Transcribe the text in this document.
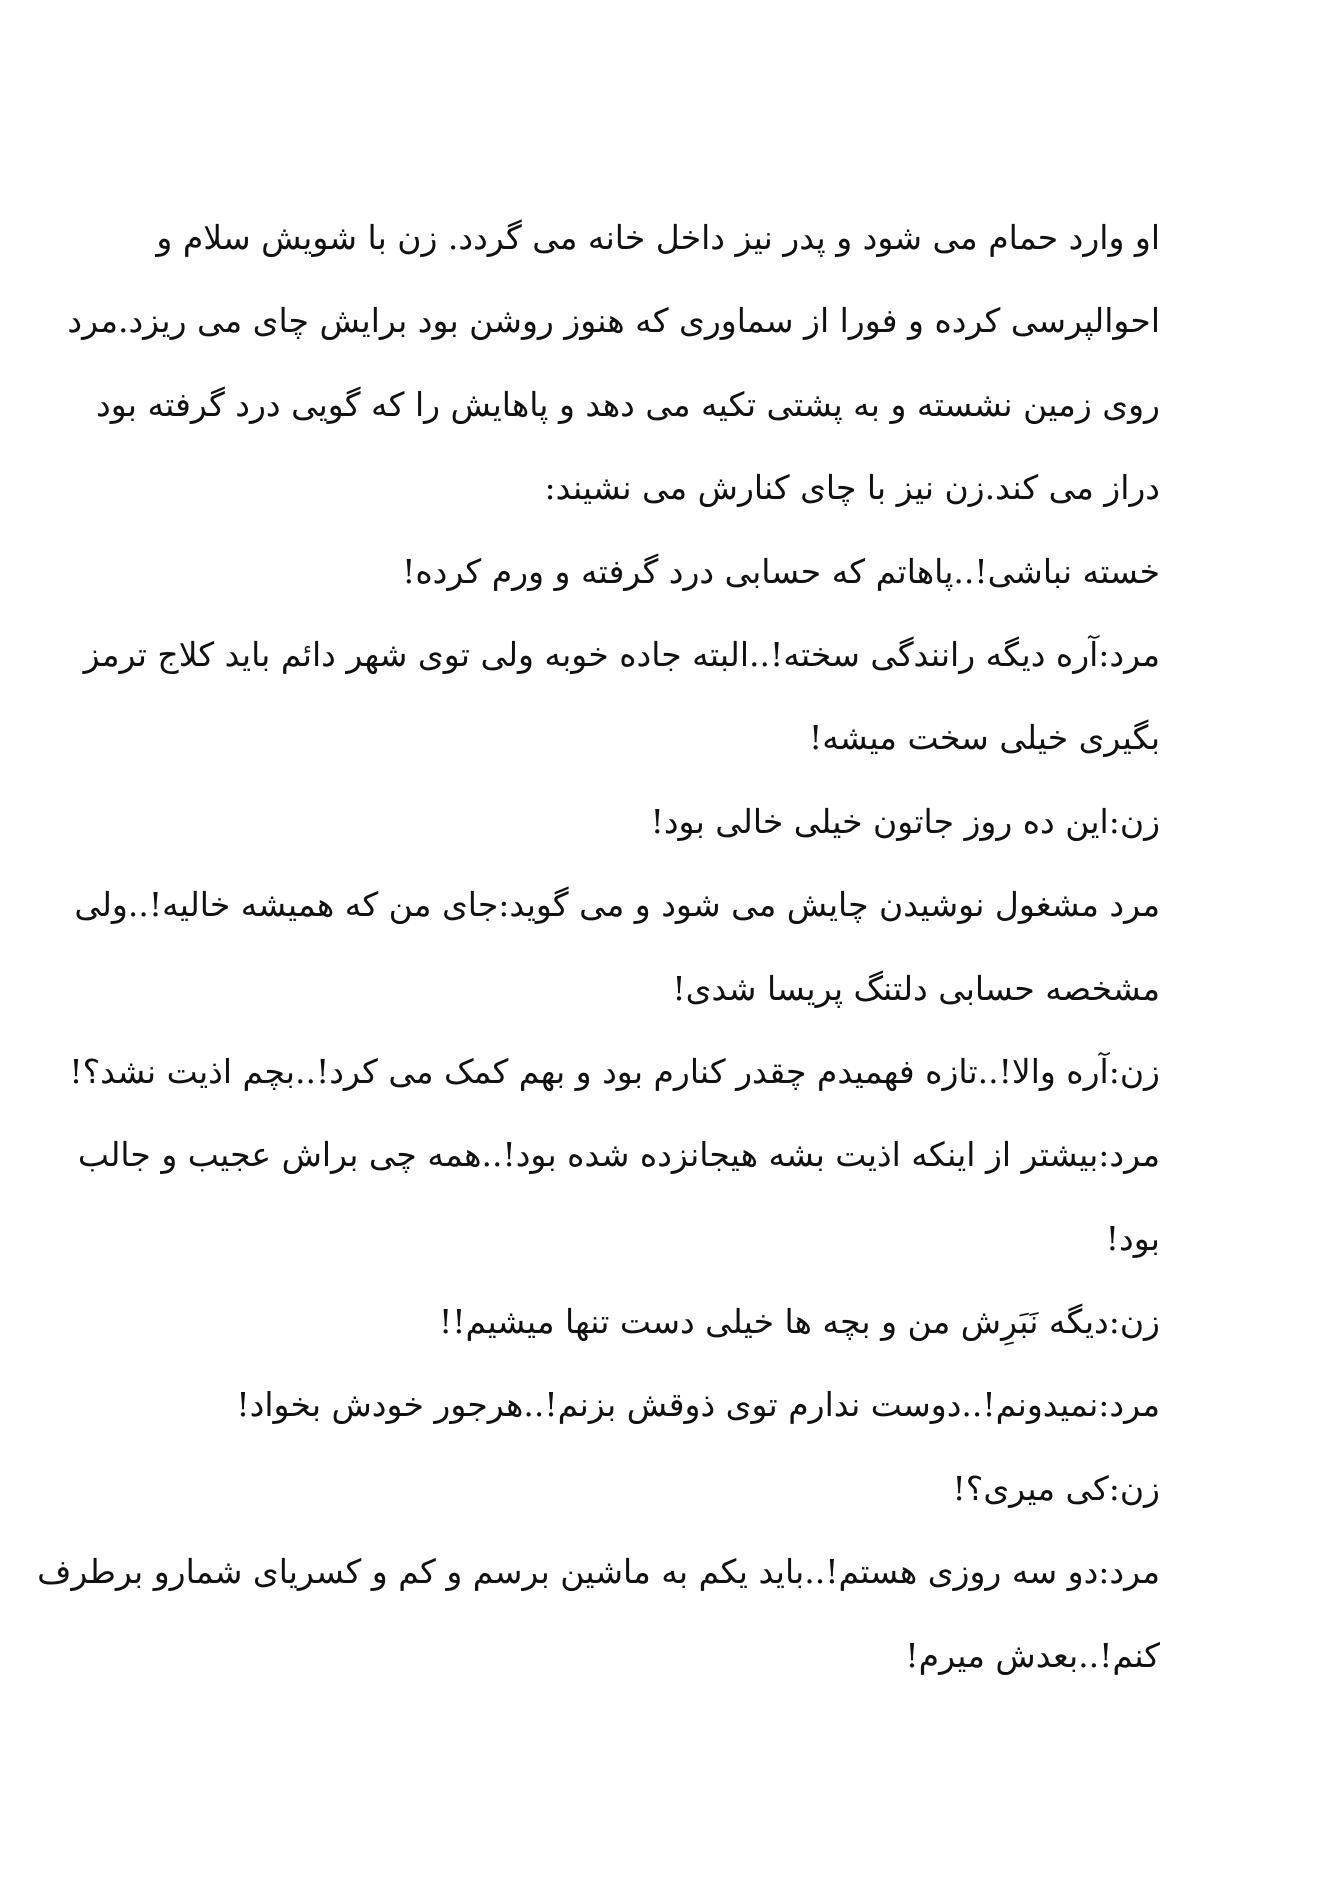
او وارد حمام می شود و پدر نیز داخل خانه می گردد. زن با شویش سلام و
احوالپرسی کرده و فورا از سماوری که هنوز روشن بود برایش چای می ریزد.مرد
روی زمین نشسته و به پشتی تکیه می دهد و پاهایش را که گویی درد گرفته بود
دراز می کند.زن نیز با چای کنارش می نشیند:
خسته نباشی!..پاهاتم که حسابی درد گرفته و ورم کرده!
مرد:آره دیگه رانندگی سخته!..البته جاده خوبه ولی توی شهر دائم باید کلاج ترمز
بگیری خیلی سخت میشه!
زن:این ده روز جاتون خیلی خالی بود!
مرد مشغول نوشیدن چایش می شود و می گوید:جای من که همیشه خالیه!..ولی
مشخصه حسابی دلتنگ پریسا شدی!
زن:آره والا!..تازه فهمیدم چقدر کنارم بود و بهم کمک می کرد!..بچم اذیت نشد؟!
مرد:بیشتر از اینکه اذیت بشه هیجانزده شده بود!..همه چی براش عجیب و جالب
بود!
زن:دیگه نَبَرِش من و بچه ها خیلی دست تنها میشیم!!
مرد:نمیدونم!..دوست ندارم توی ذوقش بزنم!..هرجور خودش بخواد!
زن:کی میری؟!
مرد:دو سه روزی هستم!..باید یکم به ماشین برسم و کم و کسریای شمارو برطرف
کنم!..بعدش میرم!
